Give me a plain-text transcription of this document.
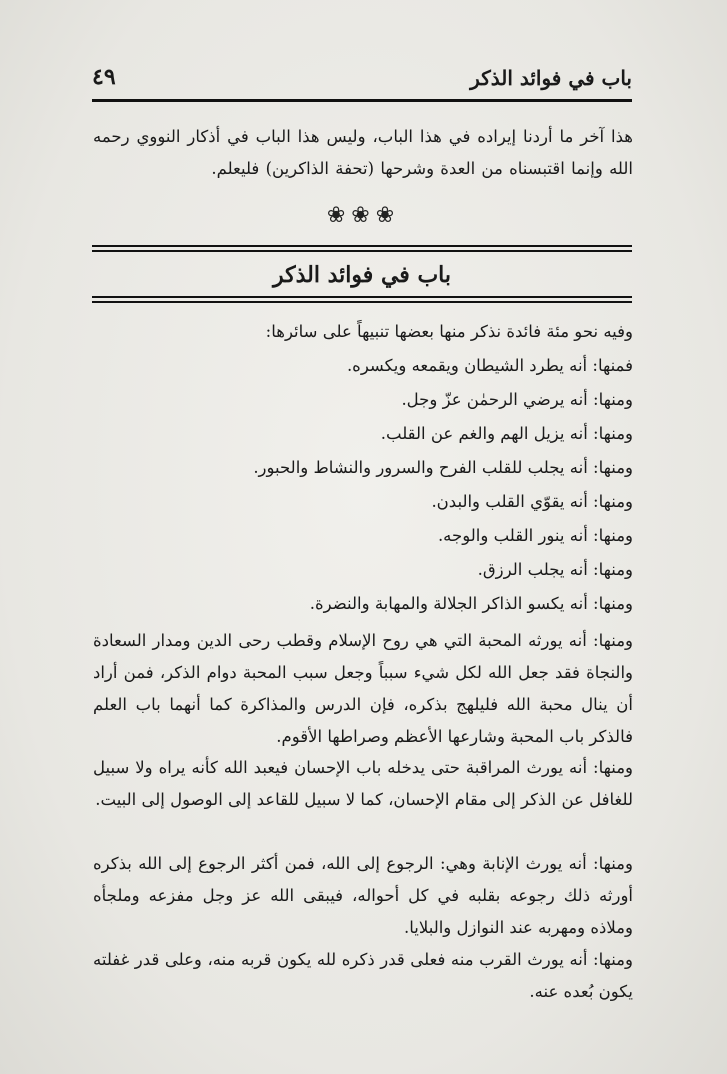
باب في فوائد الذكر
٤٩
هذا آخر ما أردنا إيراده في هذا الباب، وليس هذا الباب في أذكار النووي رحمه الله وإنما اقتبسناه من العدة وشرحها (تحفة الذاكرين) فليعلم.
❀❀❀
باب في فوائد الذكر
وفيه نحو مئة فائدة نذكر منها بعضها تنبيهاً على سائرها:
فمنها: أنه يطرد الشيطان ويقمعه ويكسره.
ومنها: أنه يرضي الرحمٰن عزّ وجل.
ومنها: أنه يزيل الهم والغم عن القلب.
ومنها: أنه يجلب للقلب الفرح والسرور والنشاط والحبور.
ومنها: أنه يقوّي القلب والبدن.
ومنها: أنه ينور القلب والوجه.
ومنها: أنه يجلب الرزق.
ومنها: أنه يكسو الذاكر الجلالة والمهابة والنضرة.
ومنها: أنه يورثه المحبة التي هي روح الإسلام وقطب رحى الدين ومدار السعادة والنجاة فقد جعل الله لكل شيء سبباً وجعل سبب المحبة دوام الذكر، فمن أراد أن ينال محبة الله فليلهج بذكره، فإن الدرس والمذاكرة كما أنهما باب العلم فالذكر باب المحبة وشارعها الأعظم وصراطها الأقوم.
ومنها: أنه يورث المراقبة حتى يدخله باب الإحسان فيعبد الله كأنه يراه ولا سبيل للغافل عن الذكر إلى مقام الإحسان، كما لا سبيل للقاعد إلى الوصول إلى البيت.
ومنها: أنه يورث الإنابة وهي: الرجوع إلى الله، فمن أكثر الرجوع إلى الله بذكره أورثه ذلك رجوعه بقلبه في كل أحواله، فيبقى الله عز وجل مفزعه وملجأه وملاذه ومهربه عند النوازل والبلايا.
ومنها: أنه يورث القرب منه فعلى قدر ذكره لله يكون قربه منه، وعلى قدر غفلته يكون بُعده عنه.
